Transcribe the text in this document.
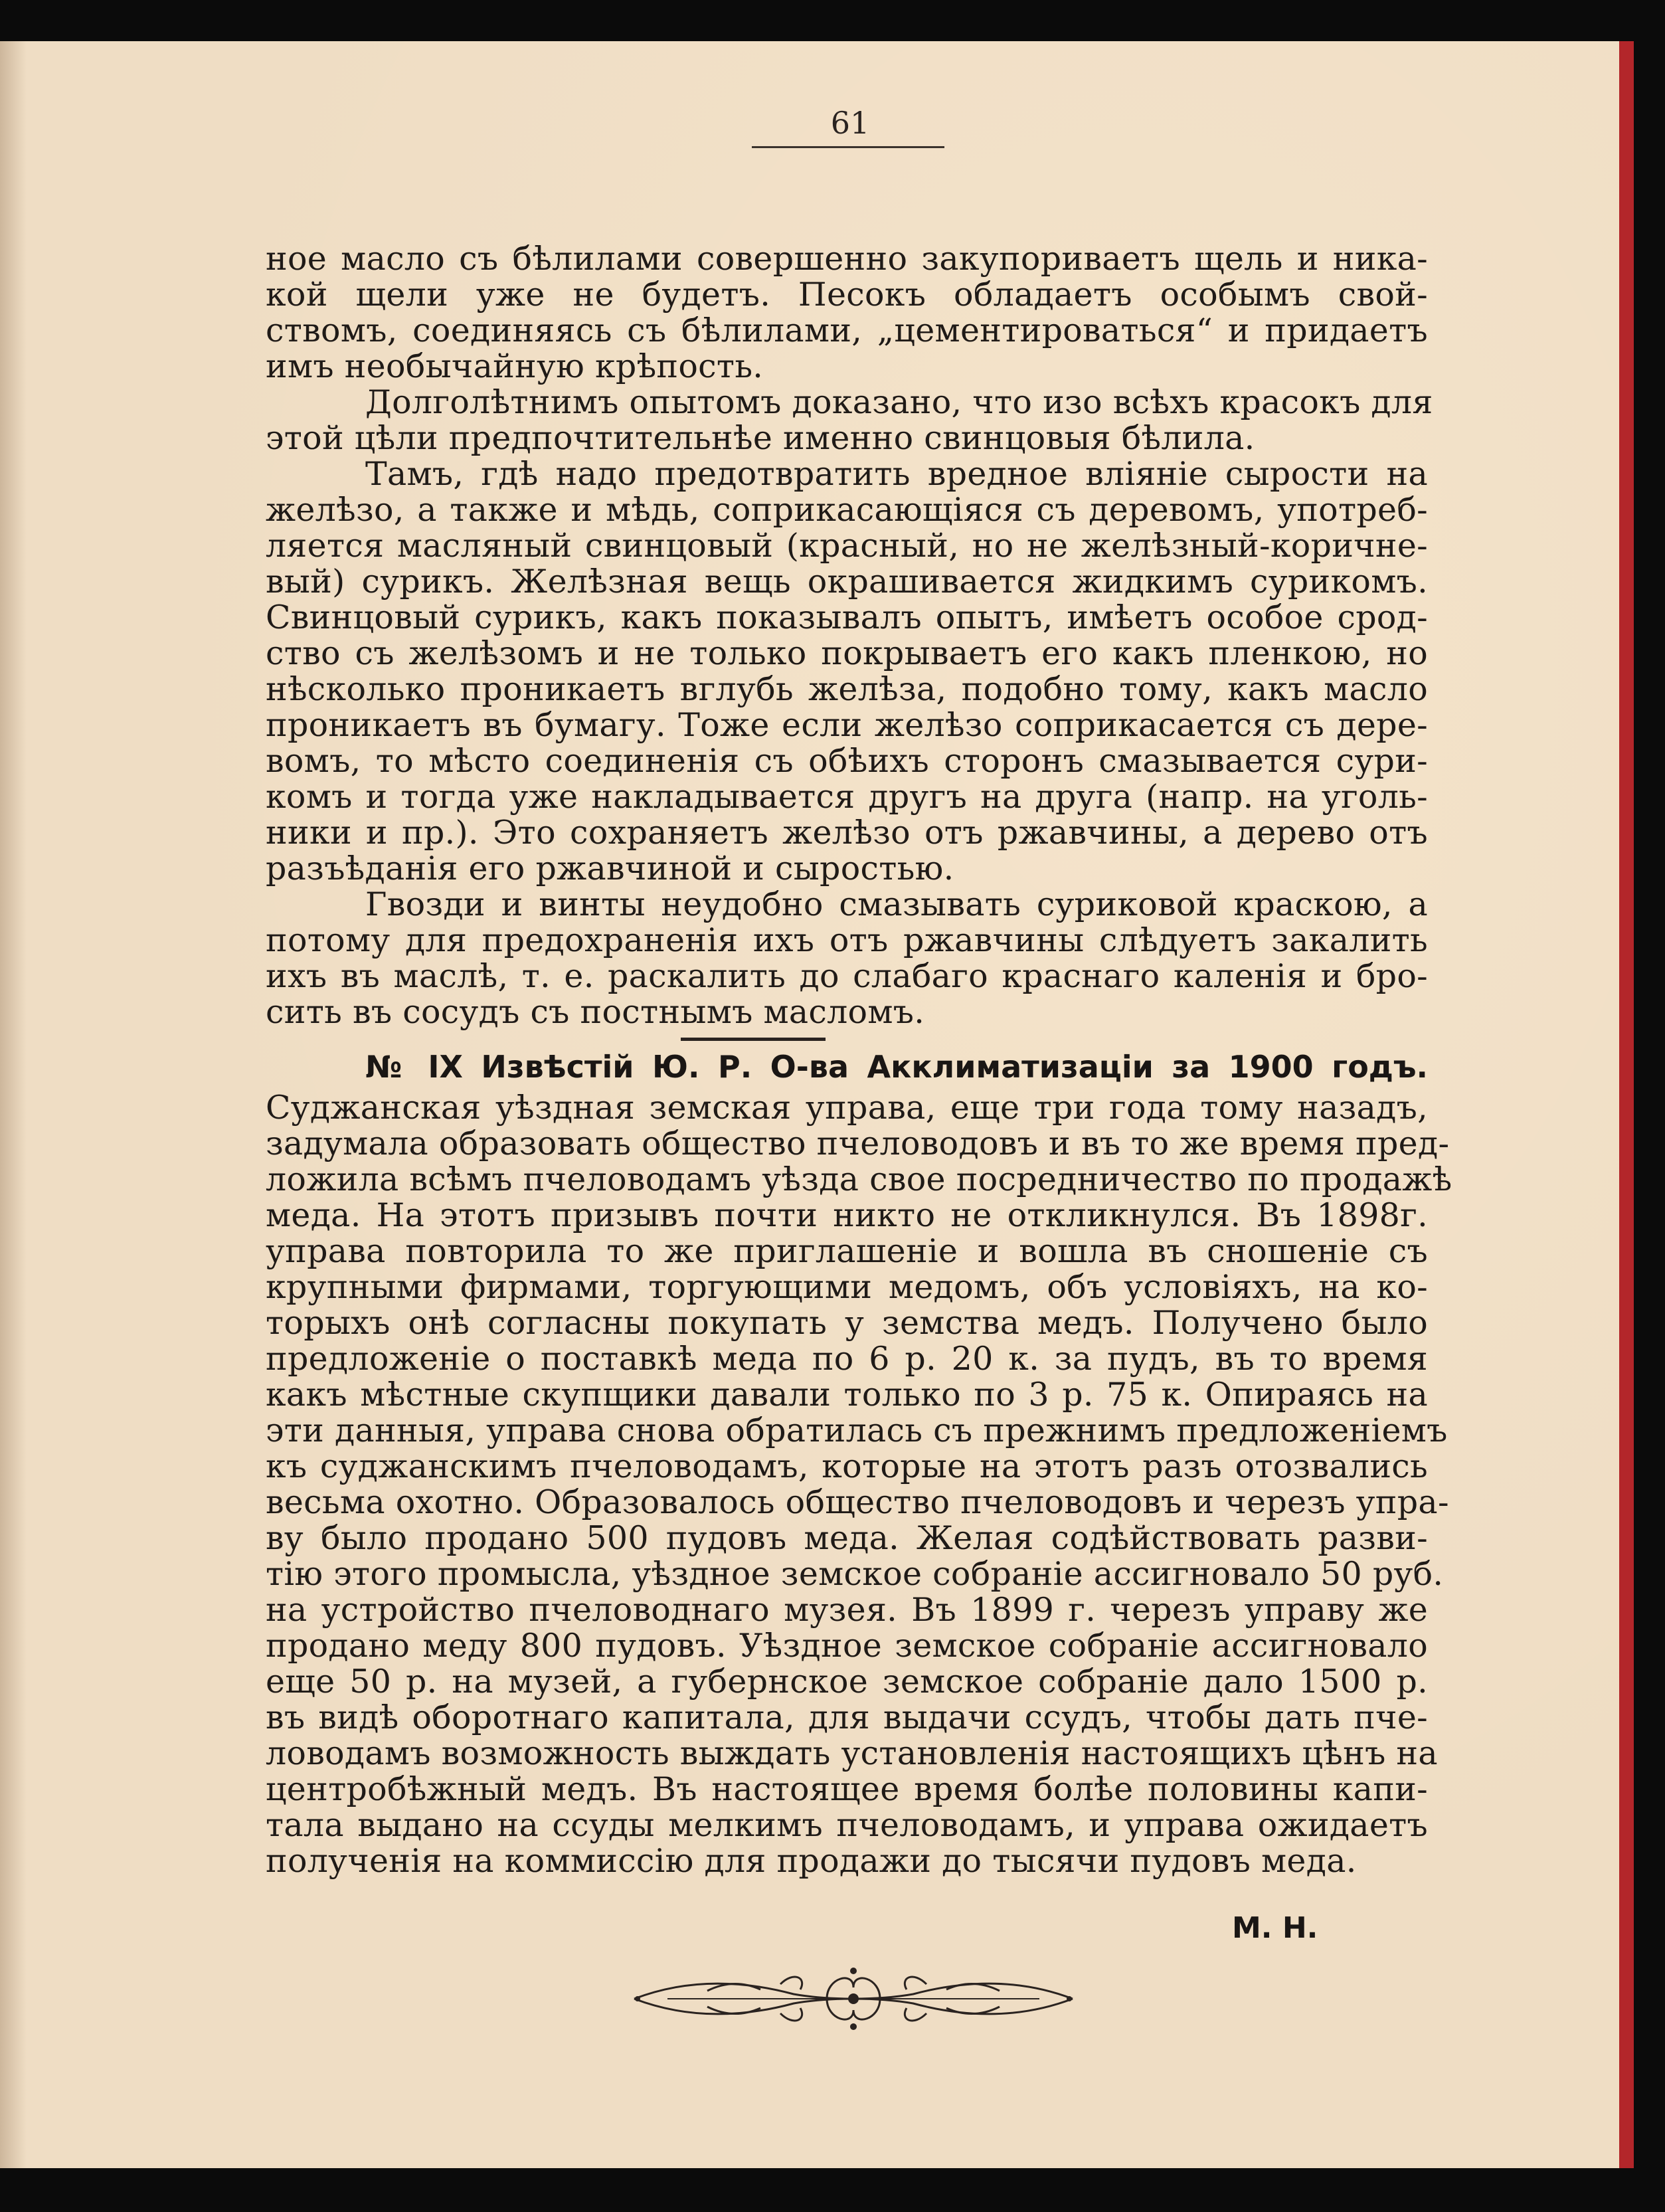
61
ное масло съ бѣлилами совершенно закупориваетъ щель и ника-
кой щели уже не будетъ. Песокъ обладаетъ особымъ свой-
ствомъ, соединяясь съ бѣлилами, „цементироваться“ и придаетъ
имъ необычайную крѣпость.
Долголѣтнимъ опытомъ доказано, что изо всѣхъ красокъ для
этой цѣли предпочтительнѣе именно свинцовыя бѣлила.
Тамъ, гдѣ надо предотвратить вредное вліяніе сырости на
желѣзо, а также и мѣдь, соприкасающіяся съ деревомъ, употреб-
ляется масляный свинцовый (красный, но не желѣзный-коричне-
вый) сурикъ. Желѣзная вещь окрашивается жидкимъ сурикомъ.
Свинцовый сурикъ, какъ показывалъ опытъ, имѣетъ особое срод-
ство съ желѣзомъ и не только покрываетъ его какъ пленкою, но
нѣсколько проникаетъ вглубь желѣза, подобно тому, какъ масло
проникаетъ въ бумагу. Тоже если желѣзо соприкасается съ дере-
вомъ, то мѣсто соединенія съ обѣихъ сторонъ смазывается сури-
комъ и тогда уже накладывается другъ на друга (напр. на уголь-
ники и пр.). Это сохраняетъ желѣзо отъ ржавчины, а дерево отъ
разъѣданія его ржавчиной и сыростью.
Гвозди и винты неудобно смазывать суриковой краскою, а
потому для предохраненія ихъ отъ ржавчины слѣдуетъ закалить
ихъ въ маслѣ, т. е. раскалить до слабаго краснаго каленія и бро-
сить въ сосудъ съ постнымъ масломъ.
№ IX Извѣстій Ю. Р. О-ва Акклиматизаціи за 1900 годъ.
Суджанская уѣздная земская управа, еще три года тому назадъ,
задумала образовать общество пчеловодовъ и въ то же время пред-
ложила всѣмъ пчеловодамъ уѣзда свое посредничество по продажѣ
меда. На этотъ призывъ почти никто не откликнулся. Въ 1898г.
управа повторила то же приглашеніе и вошла въ сношеніе съ
крупными фирмами, торгующими медомъ, объ условіяхъ, на ко-
торыхъ онѣ согласны покупать у земства медъ. Получено было
предложеніе о поставкѣ меда по 6 р. 20 к. за пудъ, въ то время
какъ мѣстные скупщики давали только по 3 р. 75 к. Опираясь на
эти данныя, управа снова обратилась съ прежнимъ предложеніемъ
къ суджанскимъ пчеловодамъ, которые на этотъ разъ отозвались
весьма охотно. Образовалось общество пчеловодовъ и черезъ упра-
ву было продано 500 пудовъ меда. Желая содѣйствовать разви-
тію этого промысла, уѣздное земское собраніе ассигновало 50 руб.
на устройство пчеловоднаго музея. Въ 1899 г. черезъ управу же
продано меду 800 пудовъ. Уѣздное земское собраніе ассигновало
еще 50 р. на музей, а губернское земское собраніе дало 1500 р.
въ видѣ оборотнаго капитала, для выдачи ссудъ, чтобы дать пче-
ловодамъ возможность выждать установленія настоящихъ цѣнъ на
центробѣжный медъ. Въ настоящее время болѣе половины капи-
тала выдано на ссуды мелкимъ пчеловодамъ, и управа ожидаетъ
полученія на коммиссію для продажи до тысячи пудовъ меда.
М. Н.
